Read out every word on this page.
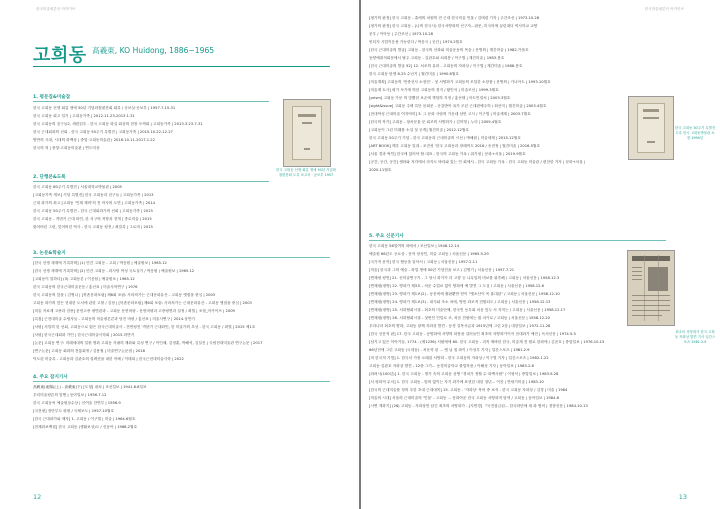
한국미술평론인 아카이브
고희동 高羲東, KO Huidong, 1886~1965
1. 평문집&미술잡
한국 고희동 선생 회갑 생애 50년 기념화첩편찬회 회록 / 공보실·공보부 | 1957.7.15-31
한국 고희동 회고 일기 | 고희동가족 | 2012.11.23-2013.1.31
한국 고희동의 친구들2, 세련된우 - 한국 고희동 화실 회상의 현장 모색회 | 고희동가족 | 2013.3.23-7.31
한국 근대회화의 선회 - 한국 고희동 50주기 특별전 | 고희동가족 | 2015.10.22-12.27
양반의 시대, 시대의 화백상 | 중앙·고희동미술관 | 2016.10.11-2017.1.22
한국의 혁 | 중앙·고희동미술관 | 연도미상
한국 고희동 선생 회갑 생애 50년 기념화첩편찬회 도록 보고서 · 공보부 1957
2. 단행본&도록
한국 고희동 60주기 특별전 | 서울대학교박물관 | 2005
[고희동가족 개보] 기념 특별전] 한국 고희동과 친구들 | 고희동가족 | 2013
근대 화가의 최고 [고희동 '인재 재비'의 전 학사의 도면 | 고희동가족 | 2014
한국 고희동 50주기 특별전 - 한국 근대회화가의 선회 | 고희동가족 | 2015
한국 고희동 - 격변기 근대 화인, 한 서구의 저항과 전개 | 종로미술 | 2015
잃어버린 그런, 잊어버린 역사 - 한국 고희동 평전 / 최말록 | 그로비 | 2015
3. 논문&학술지
[한국 선생 세계에 기록하며] (1) 민간 고희동 - 고희 / 박응원 | 예술원보 | 1965.12
[한국 선생 세계에 기록하며] (2) 민간 고희동 - 화사랑 여성 국토실기 / 박응원 | 예술원보 | 1965.12
[고희동이 말하다] (3) 고희동론 / 이응섭 | 예술원보 | 1965.12
한국 고희동의 한국근대미술운동 / 홍선표 | 미술사학연구 | 1976
한국 고희동의 앞을 / 김영나 | [북촌문화포럼] 제6회 포럼: 사라져가는 근대문화유산 - 고희동 옛집을 중심 | 2003
고희동 화가의 앞든 현대한 도서에 관한 고찰 / 김정 | [북촌문화포럼] 제6회 포럼: 사라져가는 근대문화유산 - 고희동 옛집을 중심 | 2003
[미술 자료계 고증과 검증] 문헌고증 평면관과 - 고희동 문헌비평 - 문헌비평과 고증평면과 설정 / 최열 | 조형_아카이브 | 2009
[특집] 근현대미술 수립자들 - 고희동의 미술평론론과 당진 비평 / 홍선표 | 미술사연구 | 2014.상반기
[서평] 서일의 한 선회, 고희동으로 잃은 한국근대미술사 - 전면평전 '격변기 근대화인, 한 미술가의 초상 - 한국 고희동 / 최열 | 2015 제1호
[서평] 한국근대회화 가인 | 한국근대미술사학회 | 2015.하반기
[논문] 고희동 연구: 미래세대의 일원 명화 고희동 자필의 제화와 특성 연구 / 이인채, 김정훈, 박해석, 김설진 | 국립현대미술관 연구논문 | 2017
[연구논문] 고희동 회화의 전통회귀 / 김용철 | 미술연구논문집 | 2018
덕도된 미술록 - 고희동과 김관호의 컬렉션을 대한 작례 / 이태희 | 한국근현대미술사학 | 2022
4. 주요 잡지기사
高羲東(東陽)(上) - 高羲東(下) [도형] 내쳐 | 조선일보 | 1941.6.8일보
우리미술평론의 앞엔 | 동아일보 | 1956.7.12
한국 고희동씨 예술원상수상 | 신여술 찬반부 | 1956.9
[국전평] 장단부도 평평 / 국제보도 | 1957.10월호
[한국 근대화가와 제자] 1. 고희동 / 이구열 | 미술 | 1964.6월호
[현재화보백집] 한국 고희동 (생활보상)도 / 신동아 | 1968.2월호
12
한국미술평론인 아카이브
[평가의 판정] 한국 고희동 - 휴에의 치원의 전 근대 한국미술 인물 / 김태령 기자 | 주간조선 | 1973.10.28
[평가의 판정] 한국 고희동 - (나의 한국사) 한국서양화의 선구자...판문, 미국어에 끌린대다 역사학교 교양
문우 / 이아동 | 주간조선 | 1973.10.28
빈티지 시업이응용 가능한다 / 박응국 | 공간 | 1974.2월호
[한국 근대미술의 발굴] 고희동 - 한국의 선화와 미술운동의 목숨 / 문영외 | 계간미술 | 1982.가을호
동양예대적회문에서 탈주 고희동 - 김관호와 치희봉 / 이구열 | 계간미술 | 1983.봄호
[한국 근대미술의 발굴 52] 12. 치조의 유화 - 고희동의 자화상 / 이구열 | 계간미술 | 1988.봄호
한국 고희동 탄생 6.25 수난기 | 월간미술 | 1990.6월호
[미술계획] 고희동의 '민중선사 소장전' - 첫 서양화가 고희동의 모일한 소장품 / 문영외 | 가나아트 | 1993.10월호
[미술계 토사] 평가 독기에 의한 고희동의 경지 / 황인석 | 미술조선 | 1999.3월호
[prism] 고희동 가문 의 맞뿔한 보존에 책임의 지정 / 홍선태 | 아트인컬처 | 2003.3월호
[sight&issue] 고희동 주택 특단 문회문 - 공감받아 옥가 모던 근대편예주의 / 최선미 | 월간미술 | 2003.4월호
[현대여성 근대미술 여자야미] 3. 그 문화 사람의 가운데 삼만 고식 / 이구열 | 미술세계 | 2003.7월호
[한국의 작가] 고희동 - 형차문물 문 회조의 서양화가 / 김미영 | 누리 | 2009.4월호
[고희동이 그린 미래를 소설 첫 공개] 월간미술 | 2012.12월호
한국 고희동 50주기 기념 - 한국 고희동과 근대미술의 시선 / 박혜원 | 미술세계 | 2015.12월호
[ART BOOK] 깨우 고희동 일대 - 조전성 '한국 고희동과 장래여도 2016 / 송현정 | 월간미술 | 2016.5월호
[서울 경과 싸인] 한국에 있어야 할 대표 - 한국의 고희동 가옥 / 취기평 | 문화+서울 | 2019.9월호
[공간, 공간, 공간] 셋화와 지각에서 라자도 바라와 있는 인 회에서 - 한국 고희동 가옥 - 한국 고희동 미술관 / 편찬한 기자 | 문화+서울 |
2020.11월호
한국 고희동 30주기 특별전 도록 한국 고희동박물관 소장 1994년
5. 주요 신문기사
한국 고희동 56일여의 화에서 / 조선일보 | 1948.12.14
예술원 66년도 공로상 - 문학 장성인, 미술 고희동 / 서울신문 | 1965.5.29
[국가적 문학] 한국 협동을 알아서 / 고희동 | 서울신문 | 1957.2.11
[미술] 한국과 그의 예술 - 화업 생애 50년 기념전을 보고 / 김영기 | 서울신문 | 1957.7.21
[연재평 평언] 21. 신미술연구기 - 그 당시 화가가 더 고향 등 나무일의 비보를 취후해 / 고희동 | 서울신문 | 1958.12.3
[연재평(평영) 22. 양화가 제3호 - 처운 수업료 없이 양화에 예 발견 그 도심 / 고희동 | 서울신문 | 1958.12.6
[연재평(평영) 23. 양화가 제1보(2) - 동문비에 출판뿐만 얻이 "옛소산이 목 휴대된" / 고희동 | 서울신문 | 1958.12.10
[연재평(평영) 24. 양화가 제1보(3) - 내식와 조소 처에, 영빈 화조적 전환되도 / 고희동 | 서울신문 | 1958.12.13
[연재평(평영) 25. 서화협회시절 - 최초의 미술단체, 한국인 동우회 처음 앞두 서 지적는 / 고희동 | 서울신문 | 1958.12.17
[연재평(평영) 26. 서화협회시절 - 첫번인 인일로 조, 처음 전원에는 흰 마카로 / 고희동 | 서울신문 | 1958.12.20
우라나라 최초의 양화, 고희동 왕께 자화상 발견 - 동경 길목사급과 1915년에 그린 2점 | 대한일보 | 1972.11.28
[한국 신문적 판] 17. 한국 고희동 - 동양화에 서양의 화풍을 걸러들인 최초의 서양화가이자 현대화가 예전 | 독서신문 | 1974.5.5
[남기고 있은 이야기들, 1774 - (제1236) 서원에에 60. 한국 고희동 - 괴직 애바한 한국, 미술계 전 원로 한화에 / 김준호 | 중앙일보 | 1976.10.15
66년전에 그린 고희동 (국대동) - 처운학 된 ... 옛 날 집 화이 / 이성우 기자 | 일간스포츠 | 1981.2.9
[미 한국적 기법] 1. 한국서 가장 오래된 서양화 - 한국 고희동의 자화상 / 이구열 기자 | 일간스포츠 | 1982.1.22
고희동·김관호 자화상 발견 - 12중 그가... 동경미술학교 졸업작품 / 이해성 기자 | 동아일보 | 1983.2.8
[화려사(100년)] 1. 한국 고희동 - 명가 속의 고희동 상영 "경치가 정할 수 화백사원" / 이형석 | 중앙일보 | 1983.9.28
[서 평화적 무서] 1. 한국 고희동 - 임의 없이는 자기 화가에 표현한 대한 청년... 이찬 | 반세기미술 | 1983.10
[한국의 근대미술품 정의 우한 초대 근대대목] 15. 고희동 - '자화상' 목어 중 보석 - 한국 고희동 자화상 / 김경 | 미술 | 1984
[미술의 시대] 서울의 근대미술의 '인물' - 고희동 ... 문화아운 한국 고희동 서양화적 탐색 / 고희동 | 동아일보 | 1984.6
[사연 개화기] (28) 고희동 - 자화상만 남긴 최초의 서양화가 - [지면경] 『국전참금된... 한국화단에 새 화 염어 | 경향신문 | 1984.10.13
최초의 서양화가 한국 고희동 자화상 발견 기사 일간스포츠 1981.2.9
13
